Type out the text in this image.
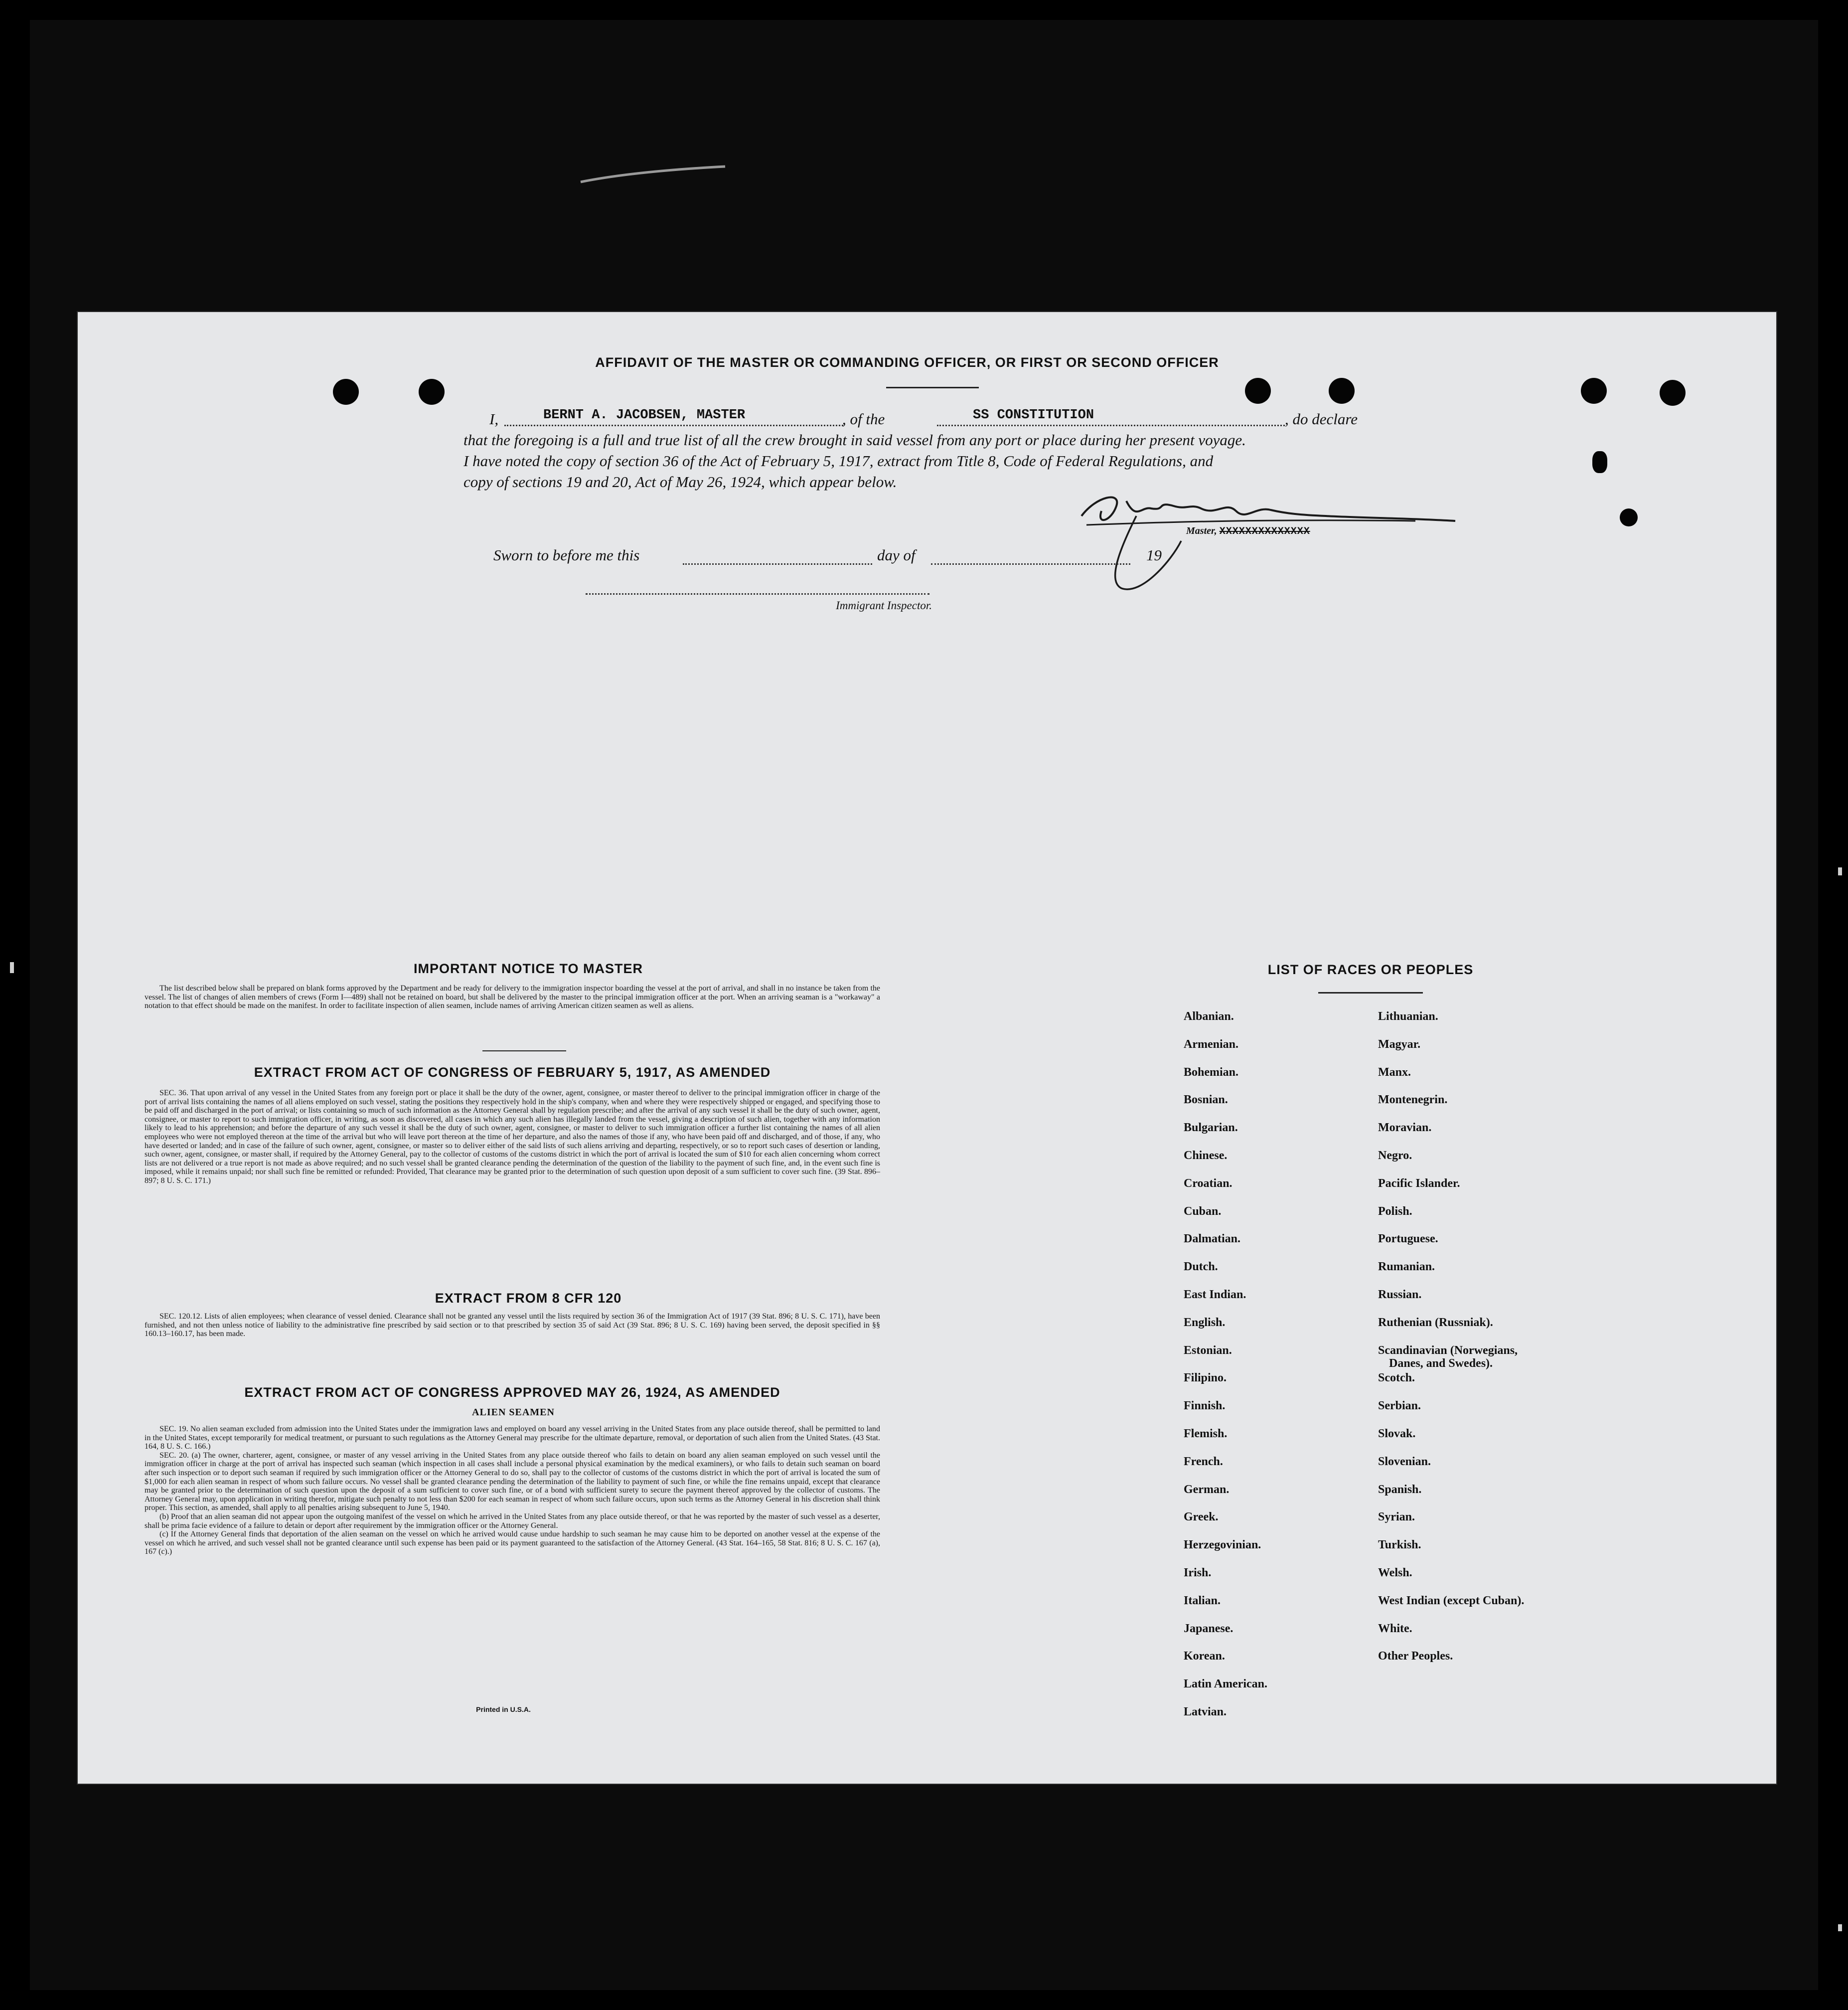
AFFIDAVIT OF THE MASTER OR COMMANDING OFFICER, OR FIRST OR SECOND OFFICER
I,	BERNT A. JACOBSEN, MASTER	, of the	SS CONSTITUTION	, do declare
that the foregoing is a full and true list of all the crew brought in said vessel from any port or place during her present voyage.
I have noted the copy of section 36 of the Act of February 5, 1917, extract from Title 8, Code of Federal Regulations, and
copy of sections 19 and 20, Act of May 26, 1924, which appear below.
Master, XXXXXXXXXXXXXX
Sworn to before me this	day of	19
Immigrant Inspector.
IMPORTANT NOTICE TO MASTER

The list described below shall be prepared on blank forms approved by the Department and be ready for delivery to the immigration inspector boarding the vessel at the port of arrival, and shall in no instance be taken from the vessel. The list of changes of alien members of crews (Form I—489) shall not be retained on board, but shall be delivered by the master to the principal immigration officer at the port. When an arriving seaman is a "workaway" a notation to that effect should be made on the manifest. In order to facilitate inspection of alien seamen, include names of arriving American citizen seamen as well as aliens.

EXTRACT FROM ACT OF CONGRESS OF FEBRUARY 5, 1917, AS AMENDED

SEC. 36. That upon arrival of any vessel in the United States from any foreign port or place it shall be the duty of the owner, agent, consignee, or master thereof to deliver to the principal immigration officer in charge of the port of arrival lists containing the names of all aliens employed on such vessel, stating the positions they respectively hold in the ship's company, when and where they were respectively shipped or engaged, and specifying those to be paid off and discharged in the port of arrival; or lists containing so much of such information as the Attorney General shall by regulation prescribe; and after the arrival of any such vessel it shall be the duty of such owner, agent, consignee, or master to report to such immigration officer, in writing, as soon as discovered, all cases in which any such alien has illegally landed from the vessel, giving a description of such alien, together with any information likely to lead to his apprehension; and before the departure of any such vessel it shall be the duty of such owner, agent, consignee, or master to deliver to such immigration officer a further list containing the names of all alien employees who were not employed thereon at the time of the arrival but who will leave port thereon at the time of her departure, and also the names of those if any, who have been paid off and discharged, and of those, if any, who have deserted or landed; and in case of the failure of such owner, agent, consignee, or master so to deliver either of the said lists of such aliens arriving and departing, respectively, or so to report such cases of desertion or landing, such owner, agent, consignee, or master shall, if required by the Attorney General, pay to the collector of customs of the customs district in which the port of arrival is located the sum of $10 for each alien concerning whom correct lists are not delivered or a true report is not made as above required; and no such vessel shall be granted clearance pending the determination of the question of the liability to the payment of such fine, and, in the event such fine is imposed, while it remains unpaid; nor shall such fine be remitted or refunded: Provided, That clearance may be granted prior to the determination of such question upon deposit of a sum sufficient to cover such fine. (39 Stat. 896–897; 8 U. S. C. 171.)

EXTRACT FROM 8 CFR 120

SEC. 120.12. Lists of alien employees; when clearance of vessel denied. Clearance shall not be granted any vessel until the lists required by section 36 of the Immigration Act of 1917 (39 Stat. 896; 8 U. S. C. 171), have been furnished, and not then unless notice of liability to the administrative fine prescribed by said section or to that prescribed by section 35 of said Act (39 Stat. 896; 8 U. S. C. 169) having been served, the deposit specified in §§ 160.13–160.17, has been made.

EXTRACT FROM ACT OF CONGRESS APPROVED MAY 26, 1924, AS AMENDED
ALIEN SEAMEN

SEC. 19. No alien seaman excluded from admission into the United States under the immigration laws and employed on board any vessel arriving in the United States from any place outside thereof, shall be permitted to land in the United States, except temporarily for medical treatment, or pursuant to such regulations as the Attorney General may prescribe for the ultimate departure, removal, or deportation of such alien from the United States. (43 Stat. 164, 8 U. S. C. 166.)

SEC. 20. (a) The owner, charterer, agent, consignee, or master of any vessel arriving in the United States from any place outside thereof who fails to detain on board any alien seaman employed on such vessel until the immigration officer in charge at the port of arrival has inspected such seaman (which inspection in all cases shall include a personal physical examination by the medical examiners), or who fails to detain such seaman on board after such inspection or to deport such seaman if required by such immigration officer or the Attorney General to do so, shall pay to the collector of customs of the customs district in which the port of arrival is located the sum of $1,000 for each alien seaman in respect of whom such failure occurs. No vessel shall be granted clearance pending the determination of the liability to payment of such fine, or while the fine remains unpaid, except that clearance may be granted prior to the determination of such question upon the deposit of a sum sufficient to cover such fine, or of a bond with sufficient surety to secure the payment thereof approved by the collector of customs. The Attorney General may, upon application in writing therefor, mitigate such penalty to not less than $200 for each seaman in respect of whom such failure occurs, upon such terms as the Attorney General in his discretion shall think proper. This section, as amended, shall apply to all penalties arising subsequent to June 5, 1940.

(b) Proof that an alien seaman did not appear upon the outgoing manifest of the vessel on which he arrived in the United States from any place outside thereof, or that he was reported by the master of such vessel as a deserter, shall be prima facie evidence of a failure to detain or deport after requirement by the immigration officer or the Attorney General.

(c) If the Attorney General finds that deportation of the alien seaman on the vessel on which he arrived would cause undue hardship to such seaman he may cause him to be deported on another vessel at the expense of the vessel on which he arrived, and such vessel shall not be granted clearance until such expense has been paid or its payment guaranteed to the satisfaction of the Attorney General. (43 Stat. 164–165, 58 Stat. 816; 8 U. S. C. 167 (a), 167 (c).)

Printed in U.S.A.
LIST OF RACES OR PEOPLES
Albanian.
Armenian.
Bohemian.
Bosnian.
Bulgarian.
Chinese.
Croatian.
Cuban.
Dalmatian.
Dutch.
East Indian.
English.
Estonian.
Filipino.
Finnish.
Flemish.
French.
German.
Greek.
Herzegovinian.
Irish.
Italian.
Japanese.
Korean.
Latin American.
Latvian.
Lithuanian.
Magyar.
Manx.
Montenegrin.
Moravian.
Negro.
Pacific Islander.
Polish.
Portuguese.
Rumanian.
Russian.
Ruthenian (Russniak).
Scandinavian (Norwegians,
Danes, and Swedes).
Scotch.
Serbian.
Slovak.
Slovenian.
Spanish.
Syrian.
Turkish.
Welsh.
West Indian (except Cuban).
White.
Other Peoples.
